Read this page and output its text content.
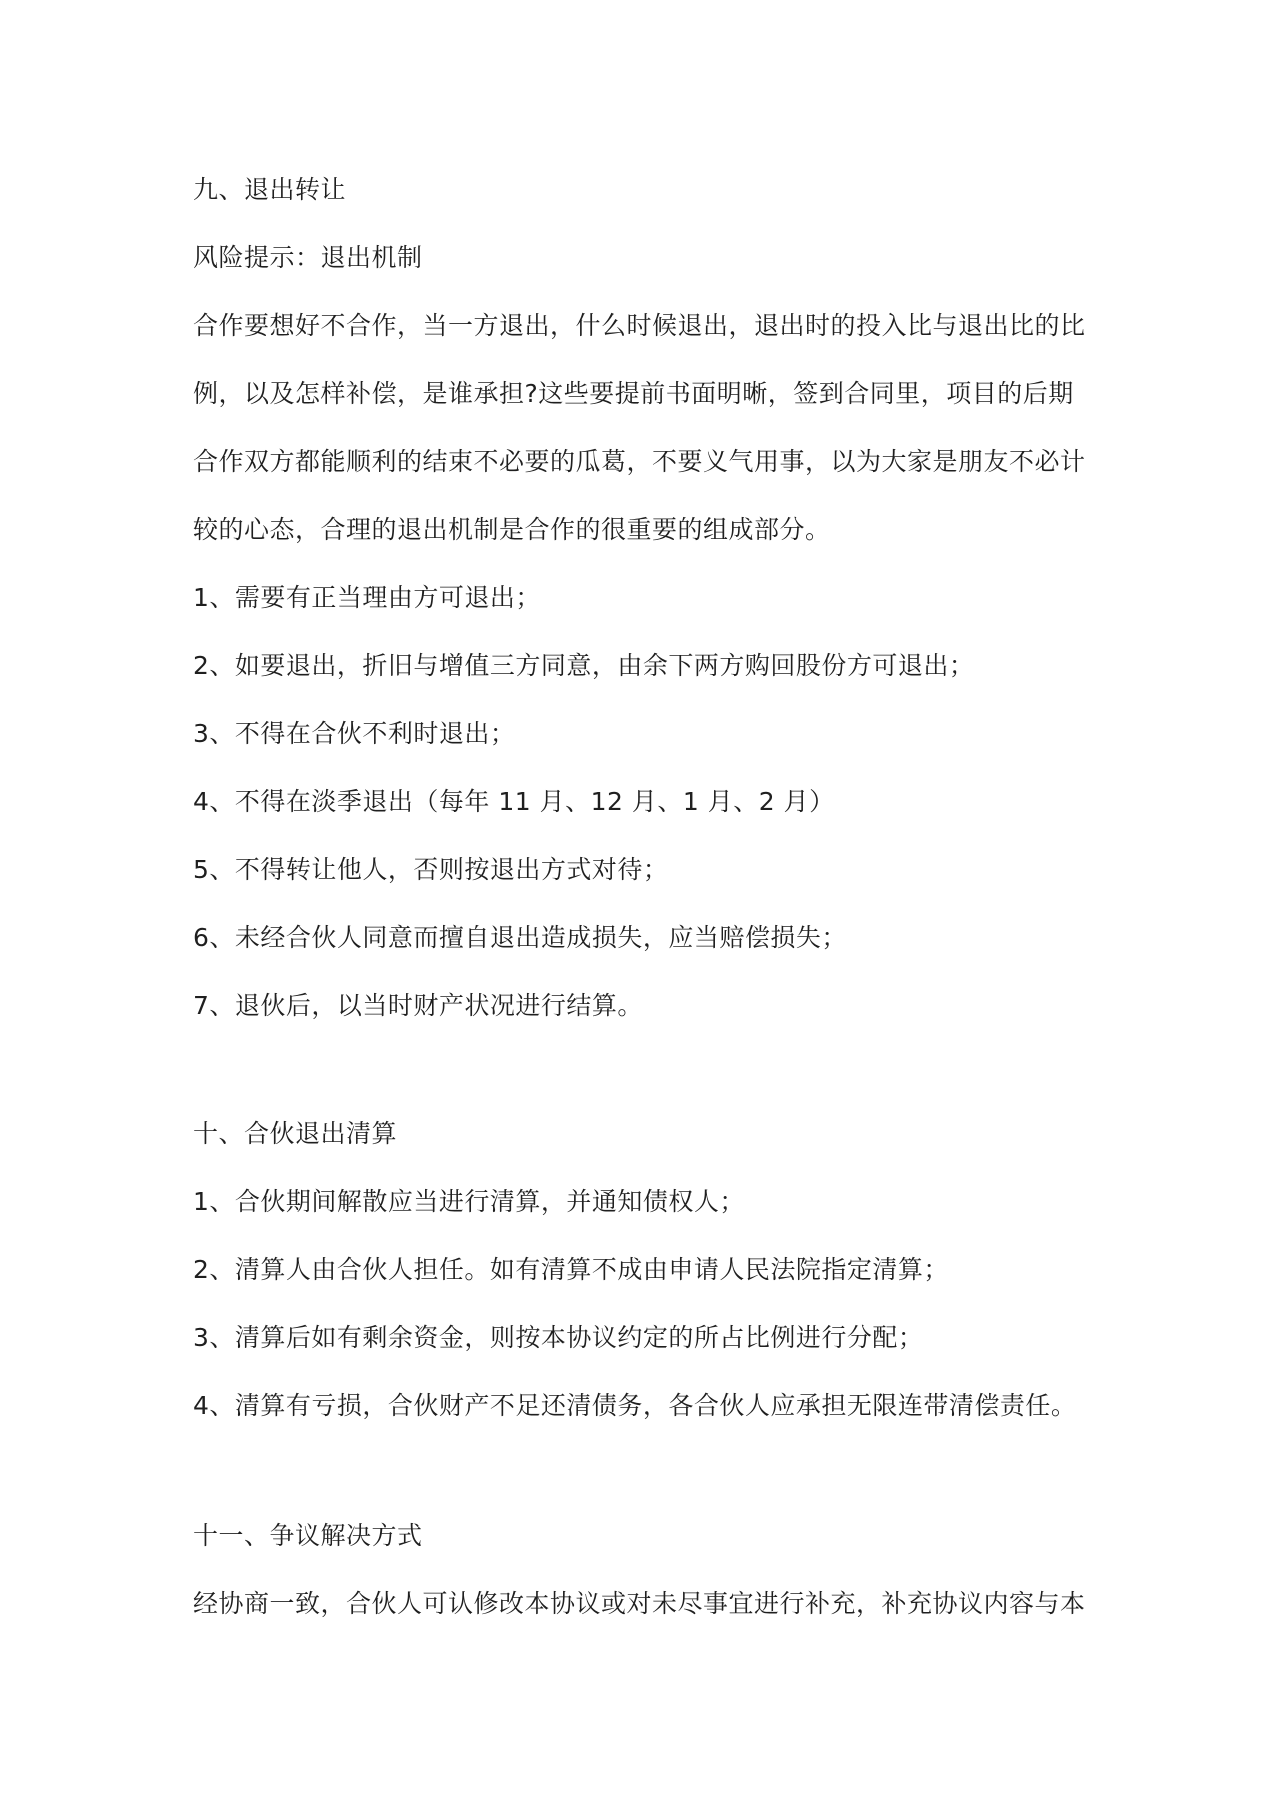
九、退出转让
风险提示：退出机制
合作要想好不合作，当一方退出，什么时候退出，退出时的投入比与退出比的比
例，以及怎样补偿，是谁承担?这些要提前书面明晰，签到合同里，项目的后期
合作双方都能顺利的结束不必要的瓜葛，不要义气用事，以为大家是朋友不必计
较的心态，合理的退出机制是合作的很重要的组成部分。
1、需要有正当理由方可退出；
2、如要退出，折旧与增值三方同意，由余下两方购回股份方可退出；
3、不得在合伙不利时退出；
4、不得在淡季退出（每年 11 月、12 月、1 月、2 月）
5、不得转让他人，否则按退出方式对待；
6、未经合伙人同意而擅自退出造成损失，应当赔偿损失；
7、退伙后，以当时财产状况进行结算。
十、合伙退出清算
1、合伙期间解散应当进行清算，并通知债权人；
2、清算人由合伙人担任。如有清算不成由申请人民法院指定清算；
3、清算后如有剩余资金，则按本协议约定的所占比例进行分配；
4、清算有亏损，合伙财产不足还清债务，各合伙人应承担无限连带清偿责任。
十一、争议解决方式
经协商一致，合伙人可认修改本协议或对未尽事宜进行补充，补充协议内容与本
